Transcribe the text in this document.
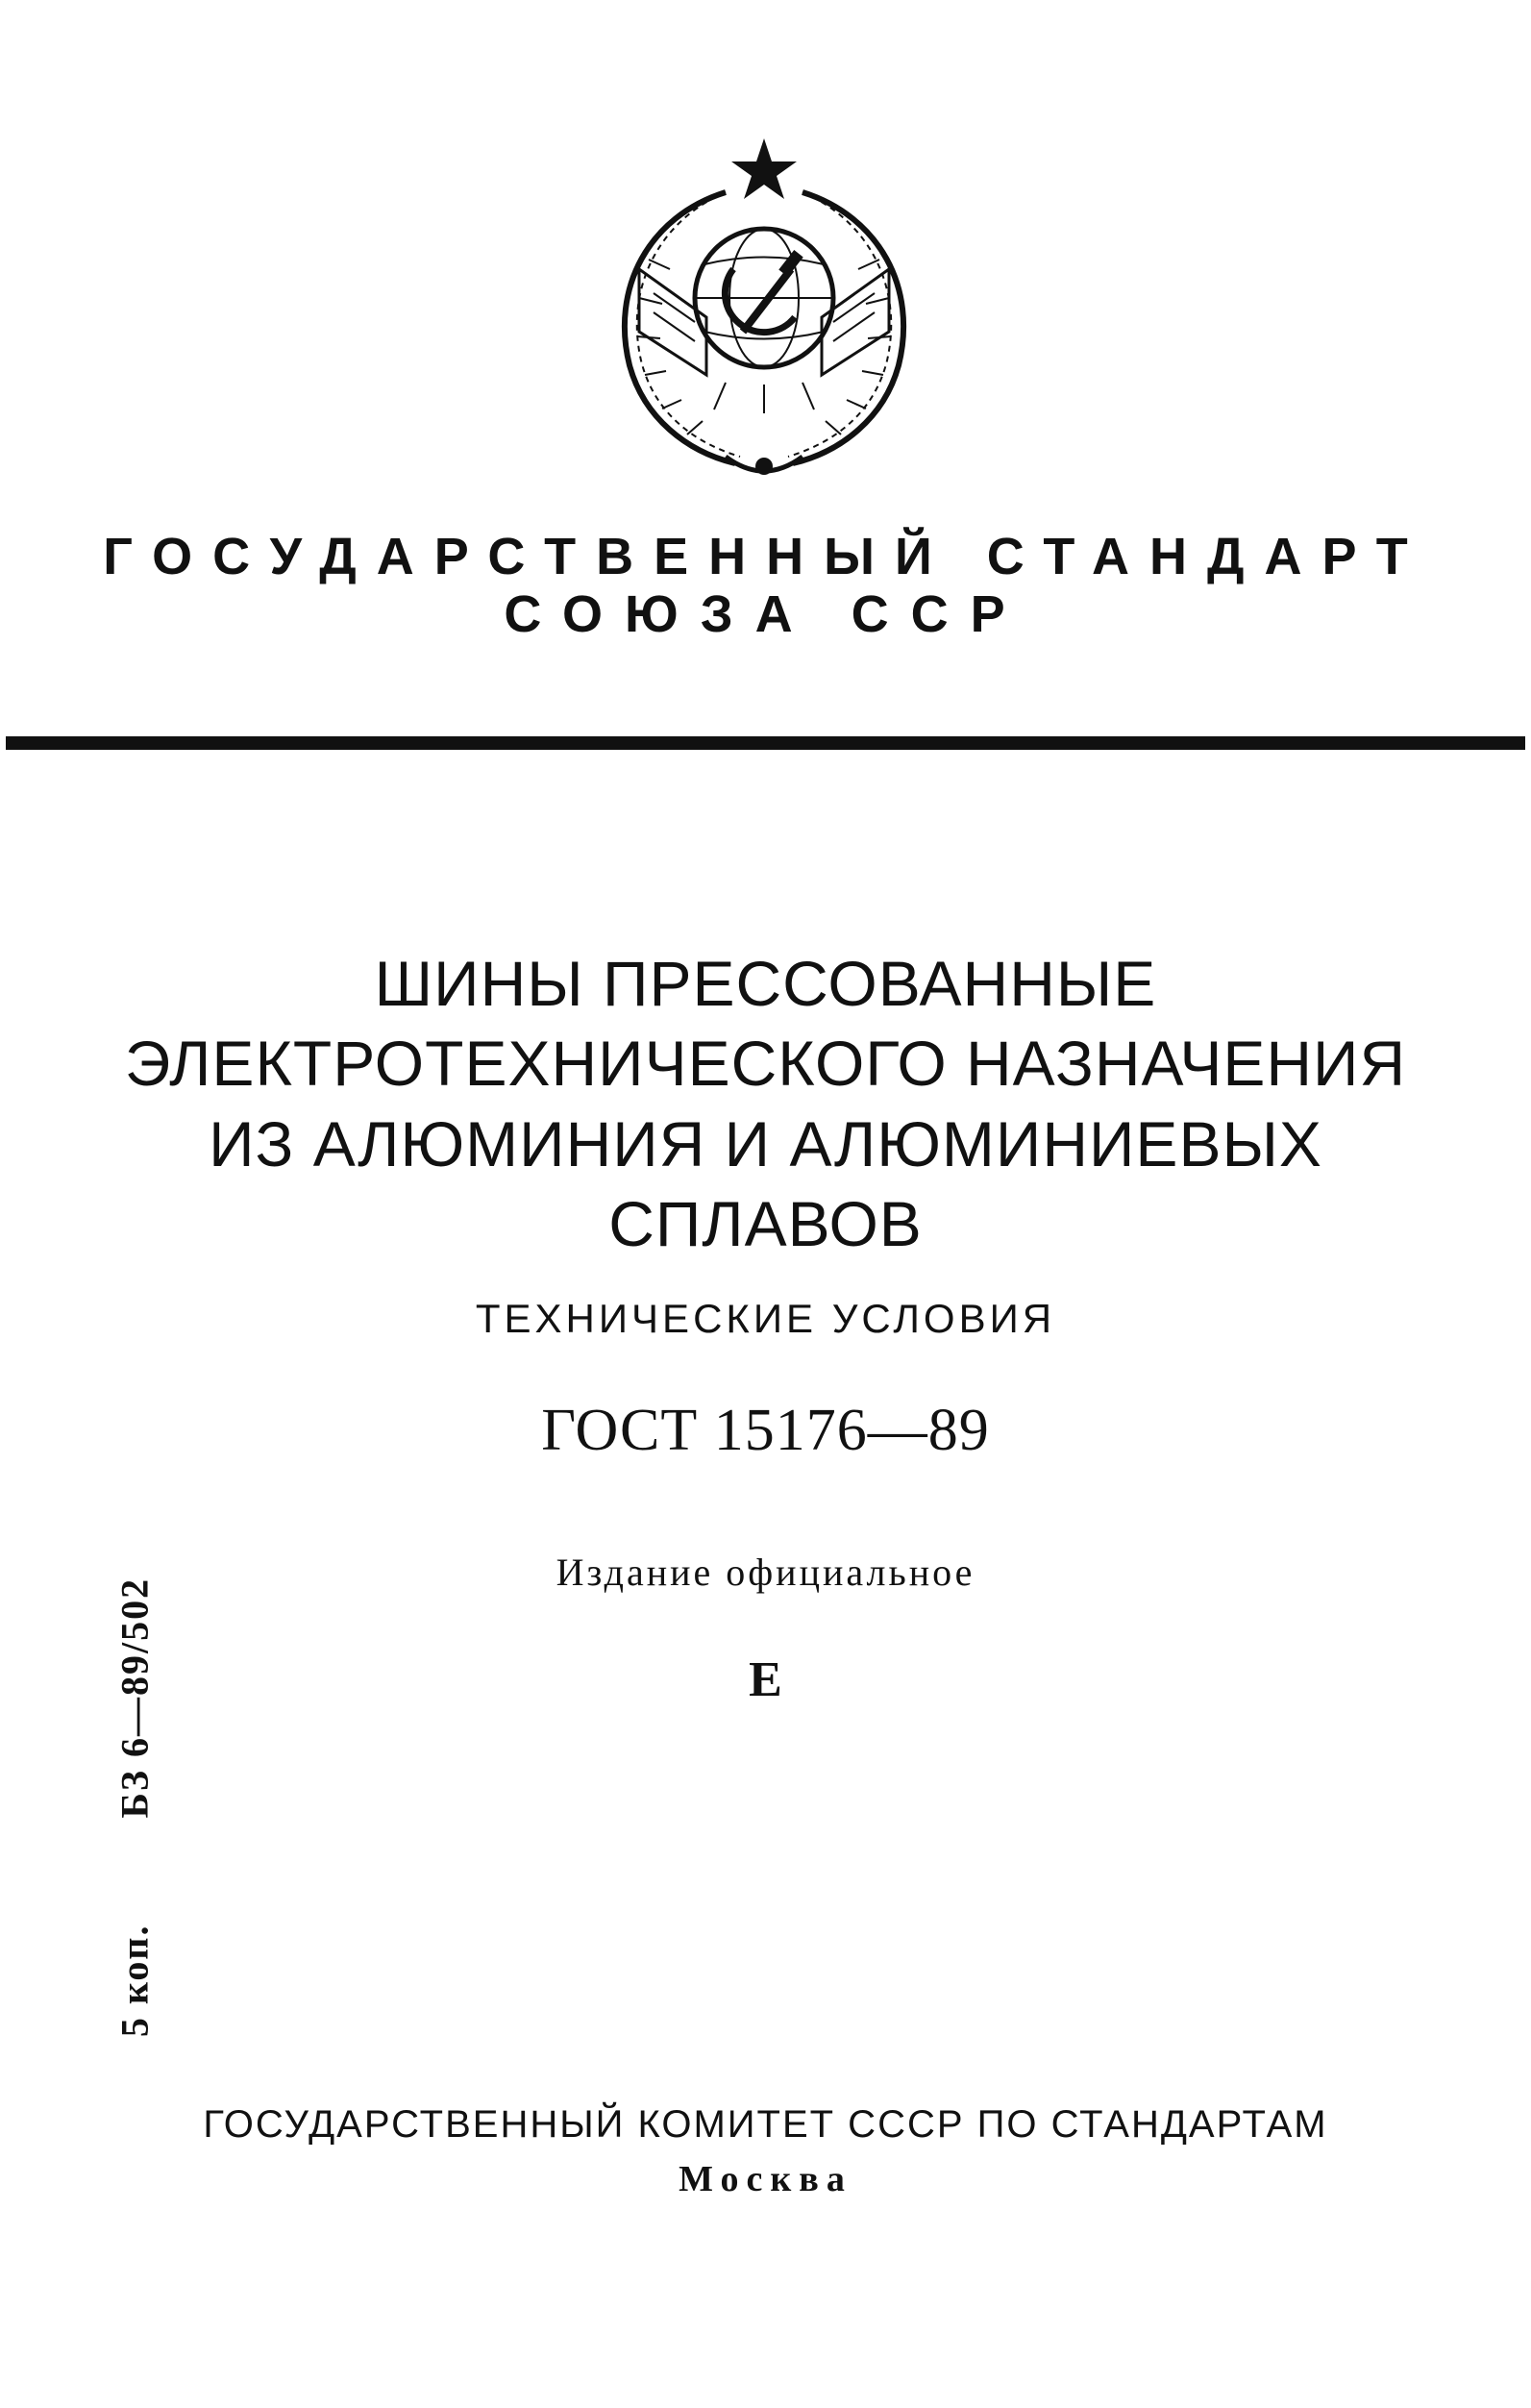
ГОСУДАРСТВЕННЫЙ СТАНДАРТ
СОЮЗА ССР
ШИНЫ ПРЕССОВАННЫЕ
ЭЛЕКТРОТЕХНИЧЕСКОГО НАЗНАЧЕНИЯ
ИЗ АЛЮМИНИЯ И АЛЮМИНИЕВЫХ
СПЛАВОВ
ТЕХНИЧЕСКИЕ УСЛОВИЯ
ГОСТ 15176—89
Издание официальное
Е
5 коп.БЗ 6—89/502
ГОСУДАРСТВЕННЫЙ КОМИТЕТ СССР ПО СТАНДАРТАМ
Москва
